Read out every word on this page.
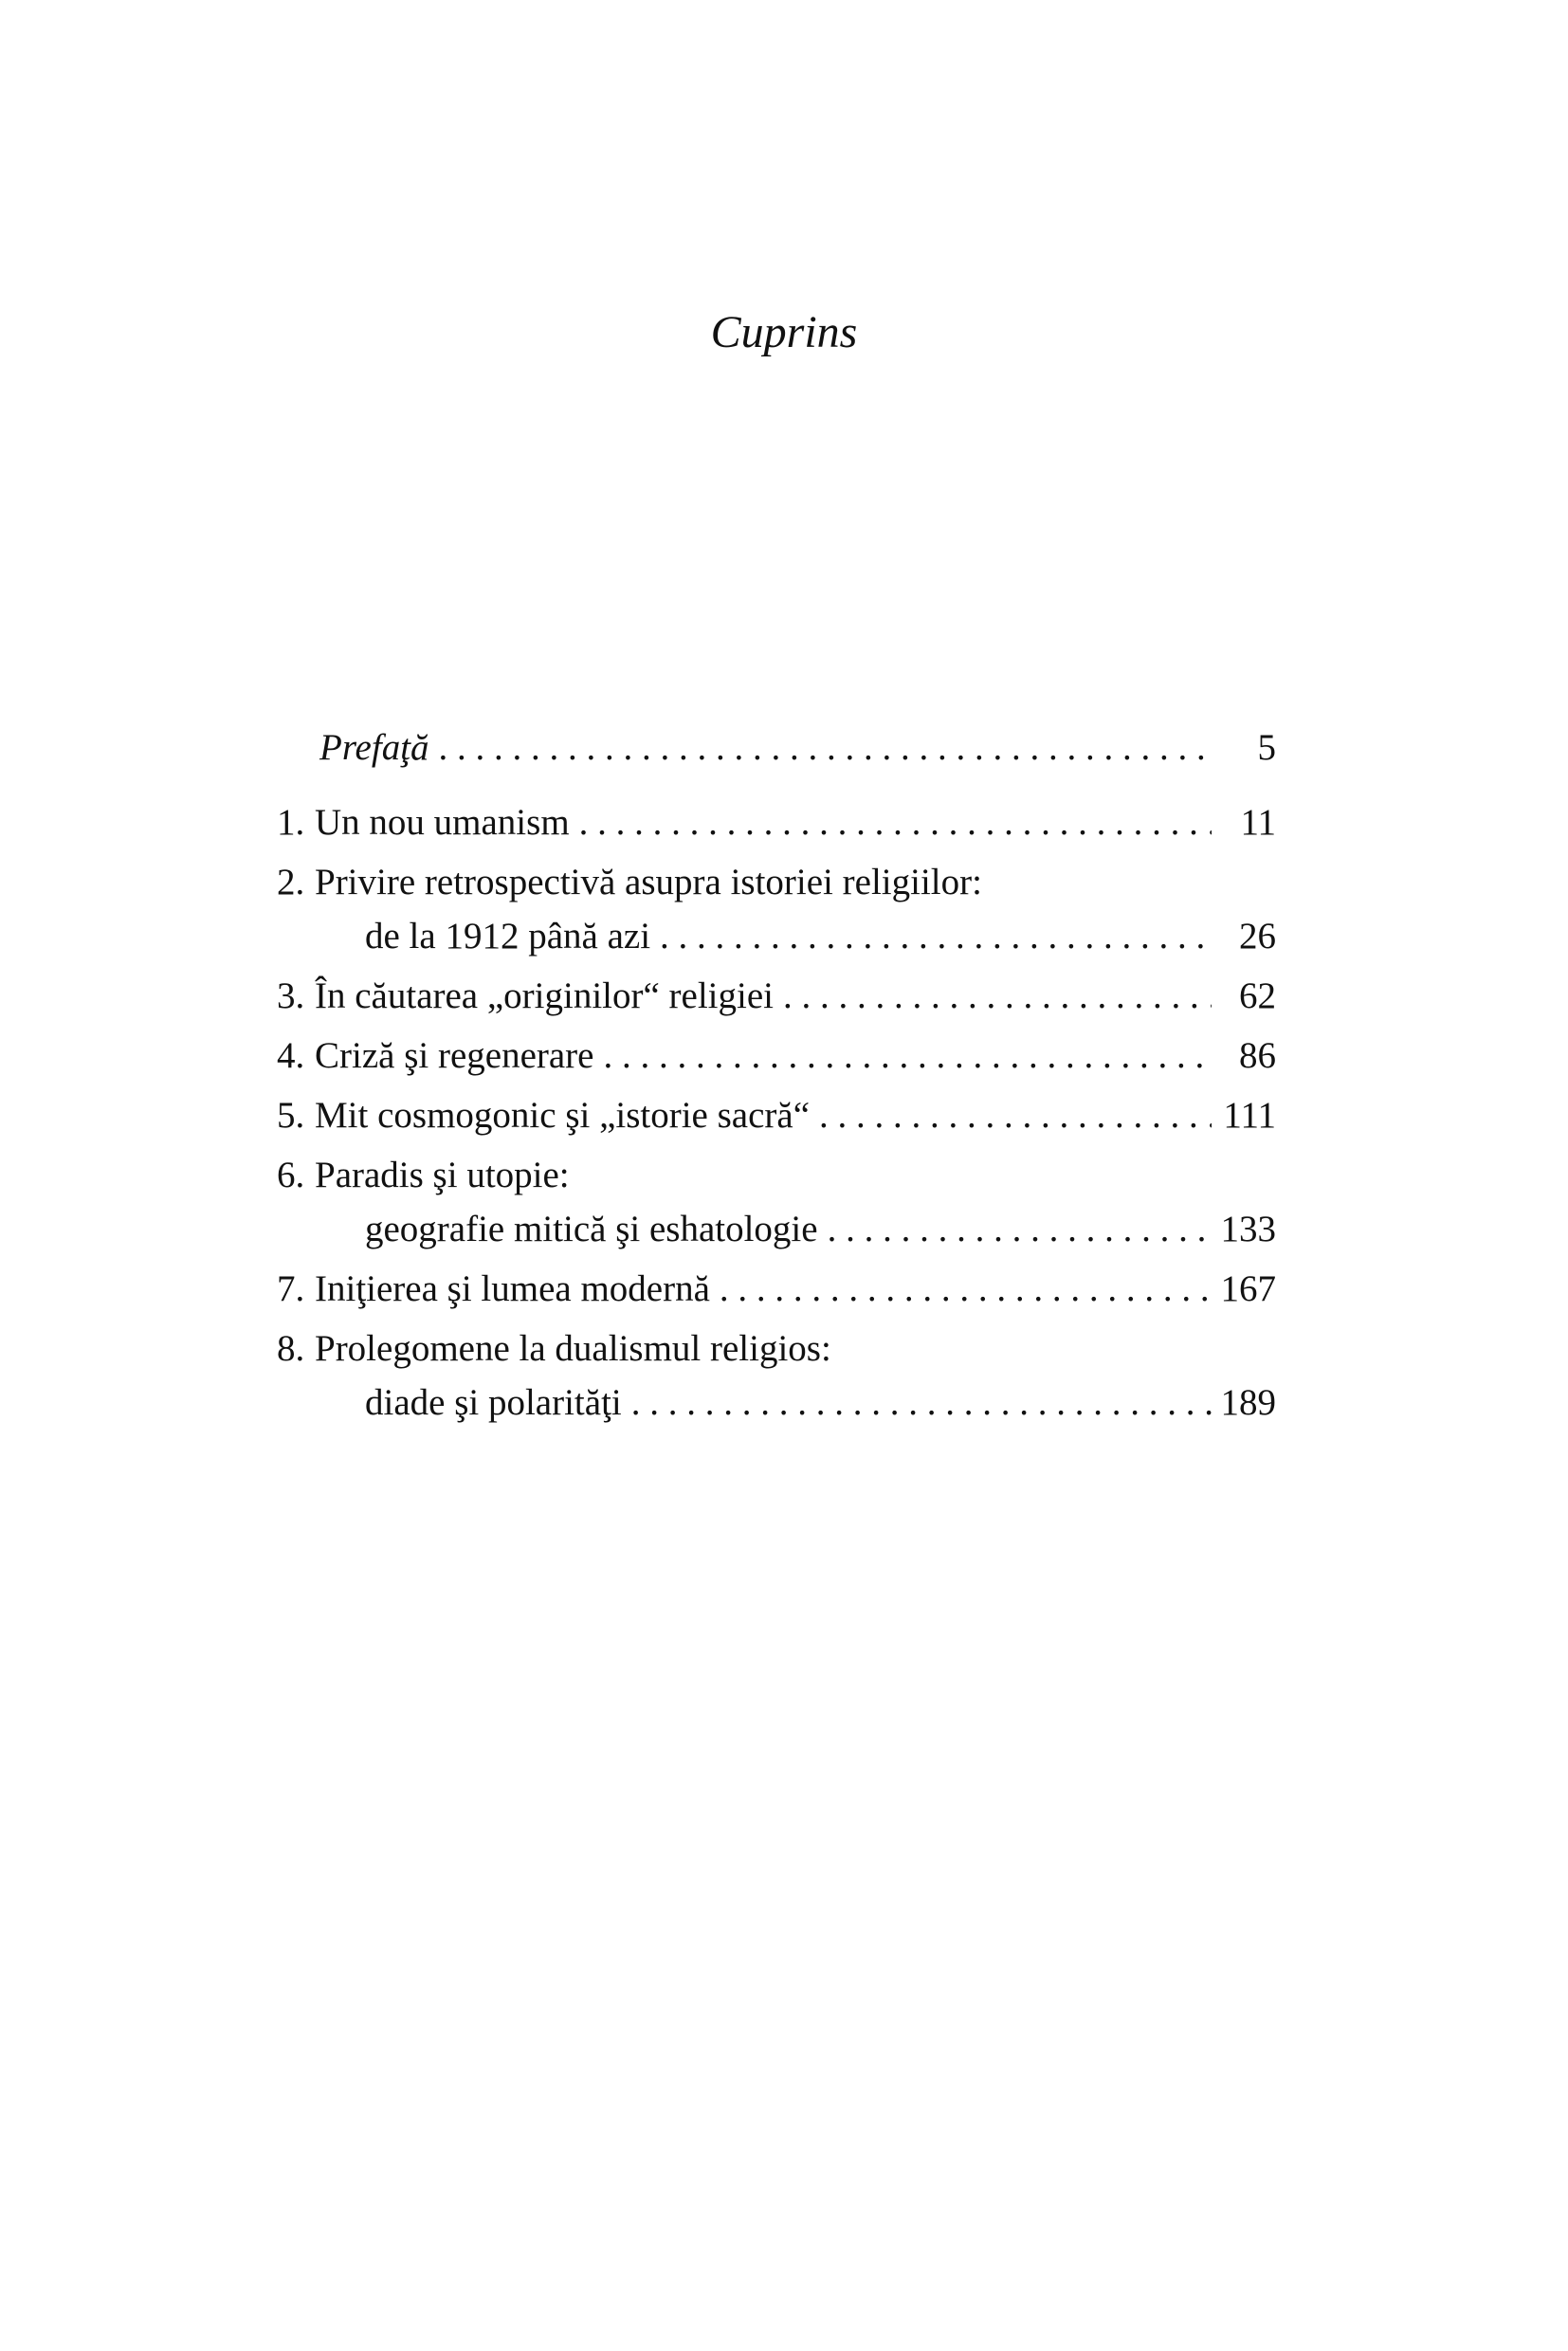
Cuprins
Prefaţă . . .	5
1. Un nou umanism . . .	11
2. Privire retrospectivă asupra istoriei religiilor:
de la 1912 până azi . . .	26
3. În căutarea „originilor“ religiei . . .	62
4. Criză şi regenerare . . .	86
5. Mit cosmogonic şi „istorie sacră“ . . .	111
6. Paradis şi utopie:
geografie mitică şi eshatologie . . .	133
7. Iniţierea şi lumea modernă . . .	167
8. Prolegomene la dualismul religios:
diade şi polarităţi . . .	189
